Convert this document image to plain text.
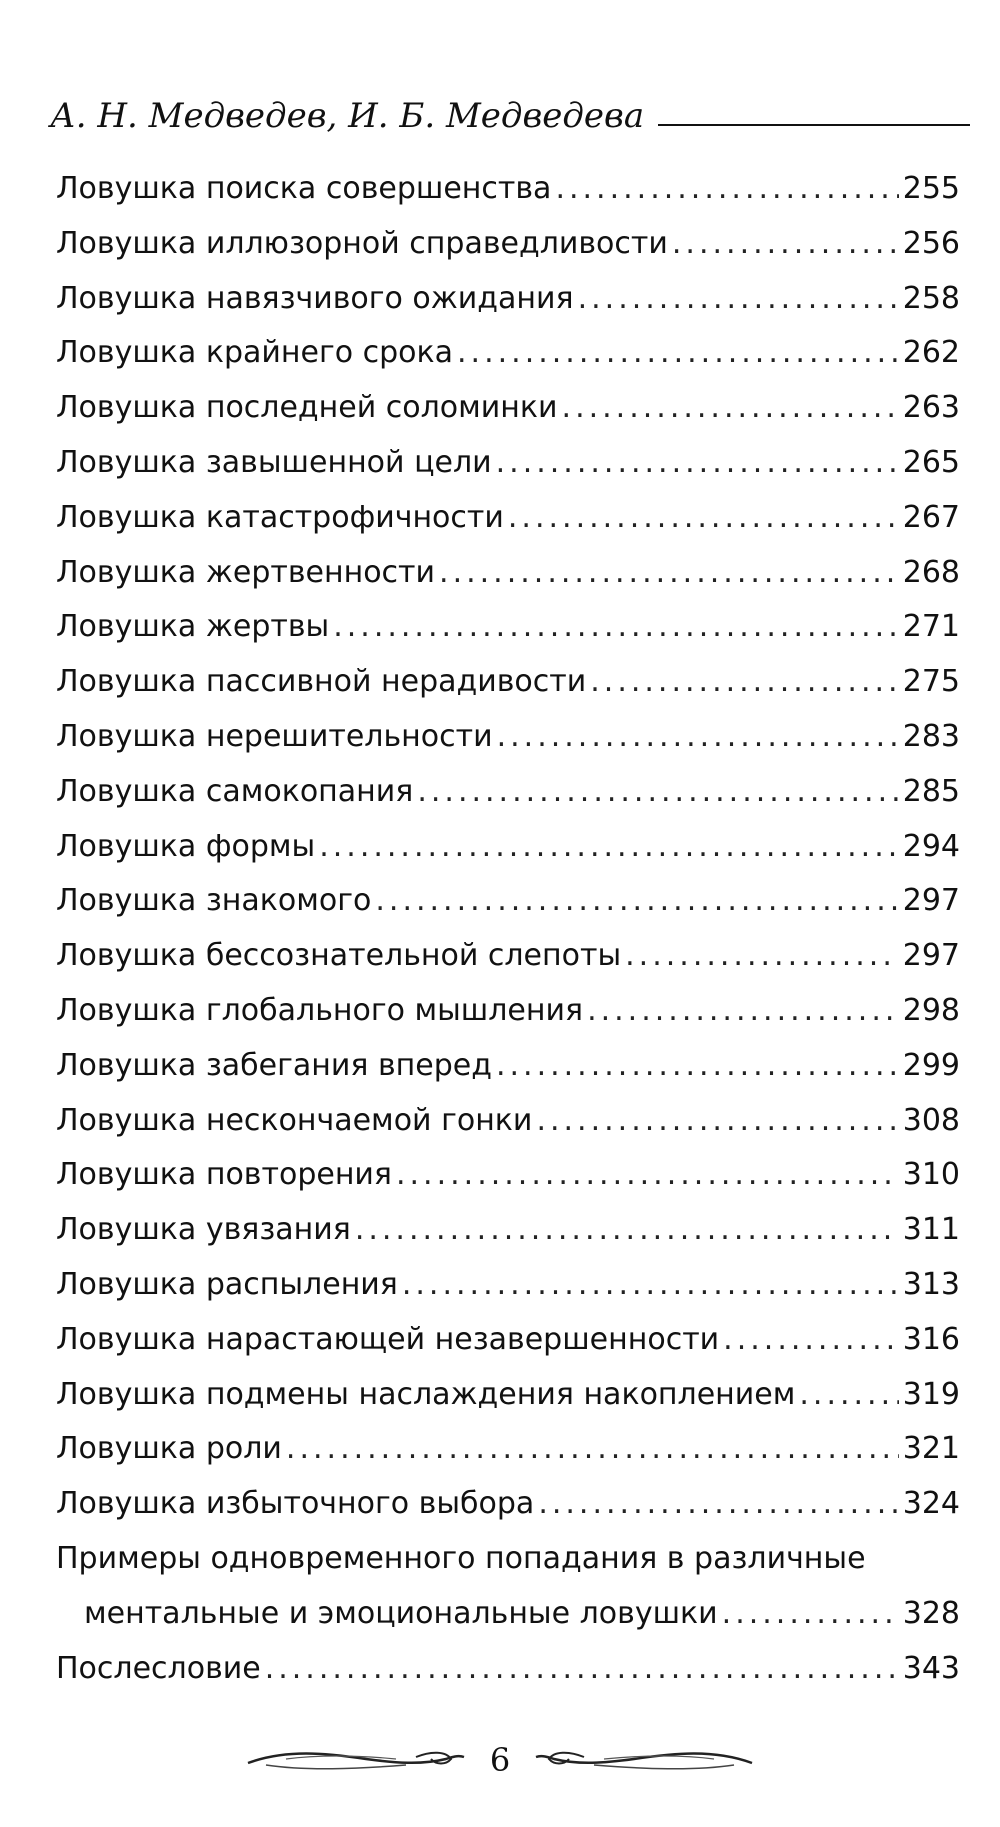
А. Н. Медведев, И. Б. Медведева
Ловушка поиска совершенства .....	255
Ловушка иллюзорной справедливости .....	256
Ловушка навязчивого ожидания .....	258
Ловушка крайнего срока .....	262
Ловушка последней соломинки .....	263
Ловушка завышенной цели .....	265
Ловушка катастрофичности .....	267
Ловушка жертвенности .....	268
Ловушка жертвы .....	271
Ловушка пассивной нерадивости .....	275
Ловушка нерешительности .....	283
Ловушка самокопания .....	285
Ловушка формы .....	294
Ловушка знакомого .....	297
Ловушка бессознательной слепоты .....	297
Ловушка глобального мышления .....	298
Ловушка забегания вперед .....	299
Ловушка нескончаемой гонки .....	308
Ловушка повторения .....	310
Ловушка увязания .....	311
Ловушка распыления .....	313
Ловушка нарастающей незавершенности .....	316
Ловушка подмены наслаждения накоплением .....	319
Ловушка роли .....	321
Ловушка избыточного выбора .....	324
Примеры одновременного попадания в различные
ментальные и эмоциональные ловушки .....	328
Послесловие .....	343
6
